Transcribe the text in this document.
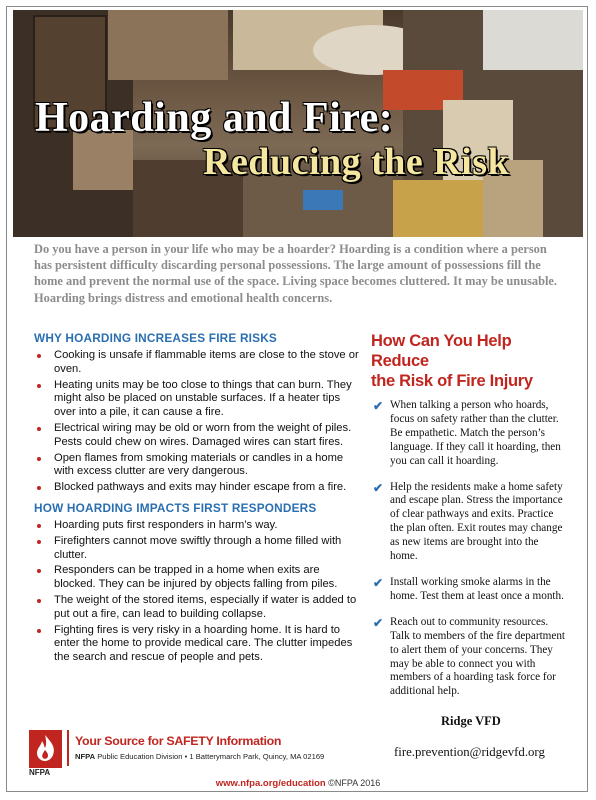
Hoarding and Fire:
Reducing the Risk

Do you have a person in your life who may be a hoarder? Hoarding is a condition where a person has persistent difficulty discarding personal possessions. The large amount of possessions fill the home and prevent the normal use of the space. Living space becomes cluttered. It may be unusable. Hoarding brings distress and emotional health concerns.

WHY HOARDING INCREASES FIRE RISKS
Cooking is unsafe if flammable items are close to the stove or oven.
Heating units may be too close to things that can burn. They might also be placed on unstable surfaces. If a heater tips over into a pile, it can cause a fire.
Electrical wiring may be old or worn from the weight of piles. Pests could chew on wires. Damaged wires can start fires.
Open flames from smoking materials or candles in a home with excess clutter are very dangerous.
Blocked pathways and exits may hinder escape from a fire.
HOW HOARDING IMPACTS FIRST RESPONDERS
Hoarding puts first responders in harm’s way.
Firefighters cannot move swiftly through a home filled with clutter.
Responders can be trapped in a home when exits are blocked. They can be injured by objects falling from piles.
The weight of the stored items, especially if water is added to put out a fire, can lead to building collapse.
Fighting fires is very risky in a hoarding home. It is hard to enter the home to provide medical care. The clutter impedes the search and rescue of people and pets.
How Can You Help Reduce
the Risk of Fire Injury
✔ When talking a person who hoards, focus on safety rather than the clutter. Be empathetic. Match the person’s language. If they call it hoarding, then you can call it hoarding.
✔ Help the residents make a home safety and escape plan. Stress the importance of clear pathways and exits. Practice the plan often. Exit routes may change as new items are brought into the home.
✔ Install working smoke alarms in the home. Test them at least once a month.
✔ Reach out to community resources. Talk to members of the fire department to alert them of your concerns. They may be able to connect you with members of a hoarding task force for additional help.
Ridge VFD
fire.prevention@ridgevfd.org
NFPA
Your Source for SAFETY Information
NFPA Public Education Division • 1 Batterymarch Park, Quincy, MA 02169
www.nfpa.org/education ©NFPA 2016
